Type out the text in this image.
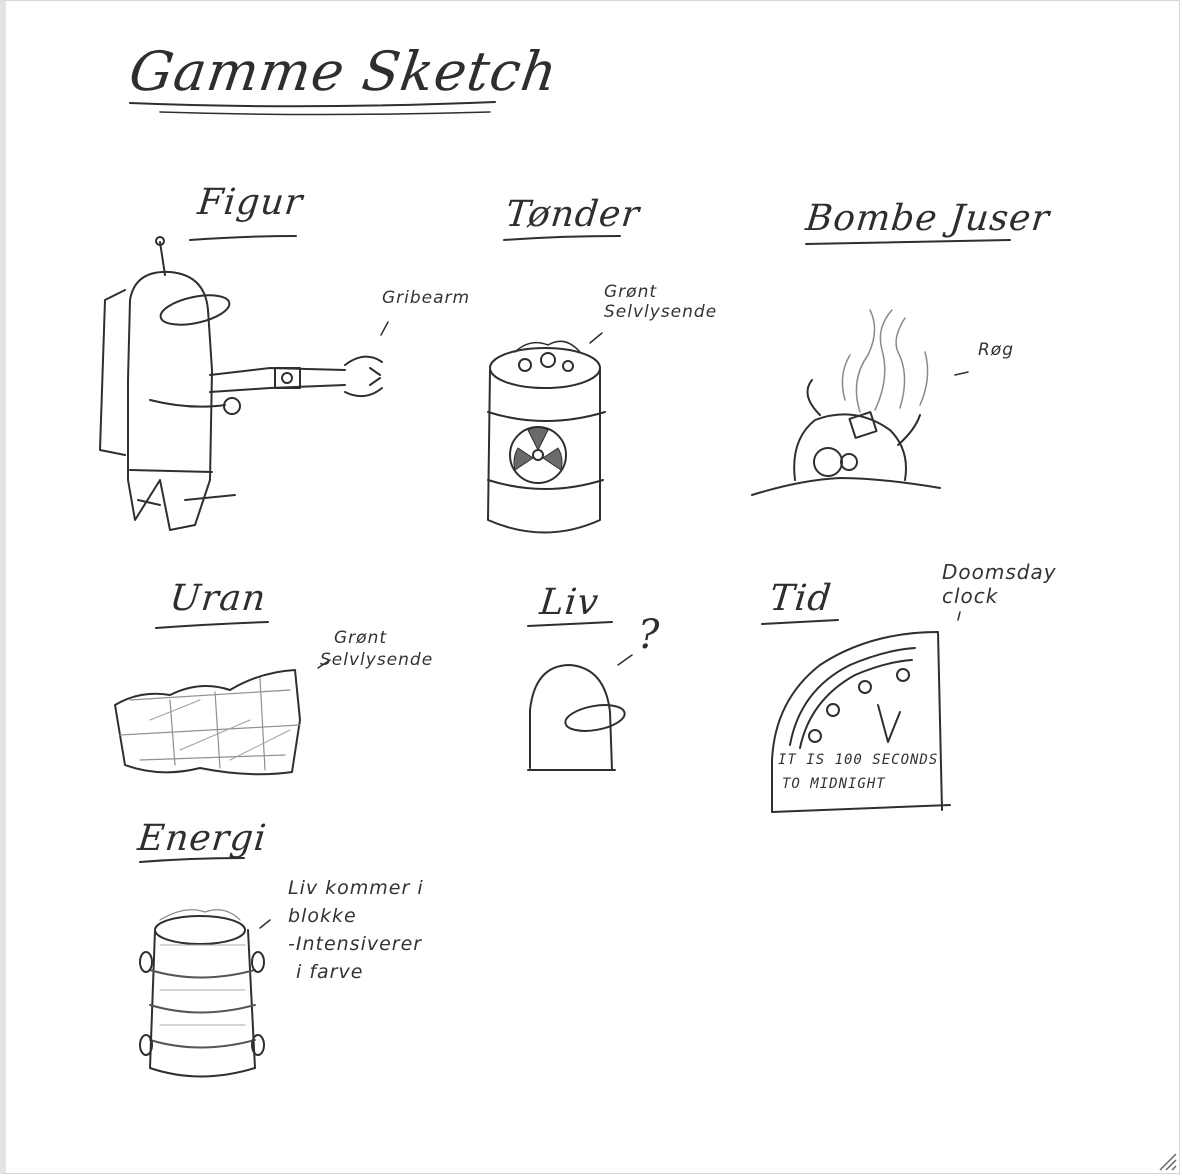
Gamme Sketch
Figur	Tønder	Bombe Juser
Uran	Liv	Tid
Energi
Gribearm	Grønt
Selvlysende
Røg
Grønt
Selvlysende
?
Doomsday
clock
IT IS 100 SECONDS
TO MIDNIGHT
Liv kommer i
blokke
-Intensiverer
i farve
